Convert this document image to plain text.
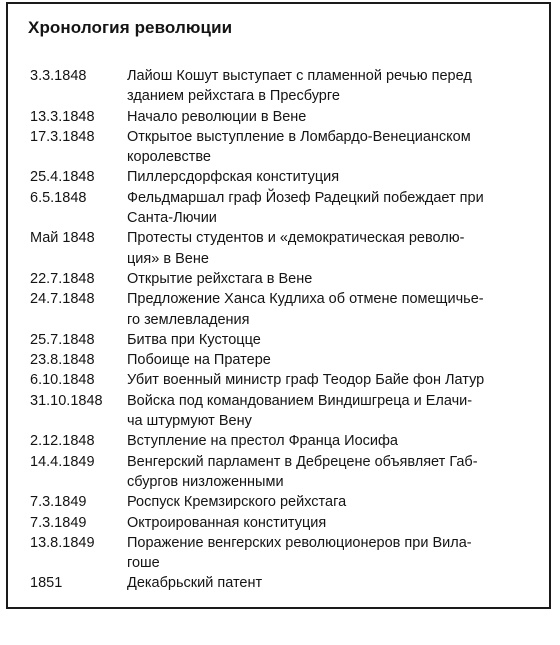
Хронология революции
3.3.1848	Лайош Кошут выступает с пламенной речью перед
зданием рейхстага в Пресбурге

13.3.1848	Начало революции в Вене

17.3.1848	Открытое выступление в Ломбардо-Венецианском
королевстве

25.4.1848	Пиллерсдорфская конституция

6.5.1848	Фельдмаршал граф Йозеф Радецкий побеждает при
Санта-Лючии

Май 1848	Протесты студентов и «демократическая револю-
ция» в Вене

22.7.1848	Открытие рейхстага в Вене

24.7.1848	Предложение Ханса Кудлиха об отмене помещичье-
го землевладения

25.7.1848	Битва при Кустоцце

23.8.1848	Побоище на Пратере

6.10.1848	Убит военный министр граф Теодор Байе фон Латур

31.10.1848	Войска под командованием Виндишгреца и Елачи-
ча штурмуют Вену

2.12.1848	Вступление на престол Франца Иосифа

14.4.1849	Венгерский парламент в Дебрецене объявляет Габ-
сбургов низложенными

7.3.1849	Роспуск Кремзирского рейхстага

7.3.1849	Октроированная конституция

13.8.1849	Поражение венгерских революционеров при Вила-
гоше

1851	Декабрьский патент
